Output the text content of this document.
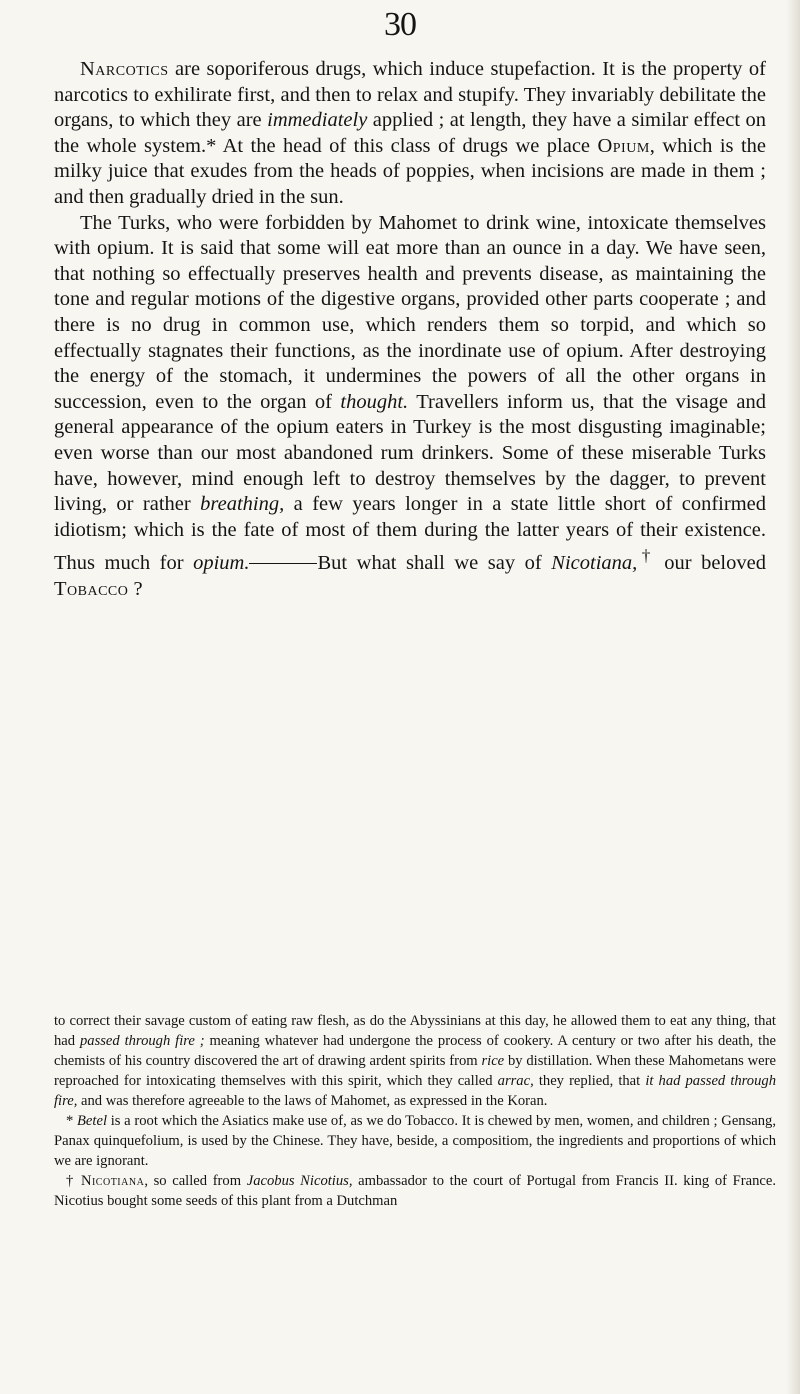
30

Narcotics are soporiferous drugs, which induce stupefaction. It is the property of narcotics to exhilirate first, and then to relax and stupify. They invariably debilitate the organs, to which they are immediately applied ; at length, they have a similar effect on the whole system.* At the head of this class of drugs we place Opium, which is the milky juice that exudes from the heads of poppies, when incisions are made in them ; and then gradually dried in the sun.

The Turks, who were forbidden by Mahomet to drink wine, intoxicate themselves with opium. It is said that some will eat more than an ounce in a day. We have seen, that nothing so effectually preserves health and prevents disease, as maintaining the tone and regular motions of the digestive organs, provided other parts cooperate ; and there is no drug in common use, which renders them so torpid, and which so effectually stagnates their functions, as the inordinate use of opium. After destroying the energy of the stomach, it undermines the powers of all the other organs in succession, even to the organ of thought. Travellers inform us, that the visage and general appearance of the opium eaters in Turkey is the most disgusting imaginable; even worse than our most abandoned rum drinkers. Some of these miserable Turks have, however, mind enough left to destroy themselves by the dagger, to prevent living, or rather breathing, a few years longer in a state little short of confirmed idiotism; which is the fate of most of them during the latter years of their existence. Thus much for opium.	But what shall we say of Nicotiana,† our beloved Tobacco ?

to correct their savage custom of eating raw flesh, as do the Abyssinians at this day, he allowed them to eat any thing, that had passed through fire ; meaning whatever had undergone the process of cookery. A century or two after his death, the chemists of his country discovered the art of drawing ardent spirits from rice by distillation. When these Mahometans were reproached for intoxicating themselves with this spirit, which they called arrac, they replied, that it had passed through fire, and was therefore agreeable to the laws of Mahomet, as expressed in the Koran.

* Betel is a root which the Asiatics make use of, as we do Tobacco. It is chewed by men, women, and children ; Gensang, Panax quinquefolium, is used by the Chinese. They have, beside, a compositiom, the ingredients and proportions of which we are ignorant.

† Nicotiana, so called from Jacobus Nicotius, ambassador to the court of Portugal from Francis II. king of France. Nicotius bought some seeds of this plant from a Dutchman
